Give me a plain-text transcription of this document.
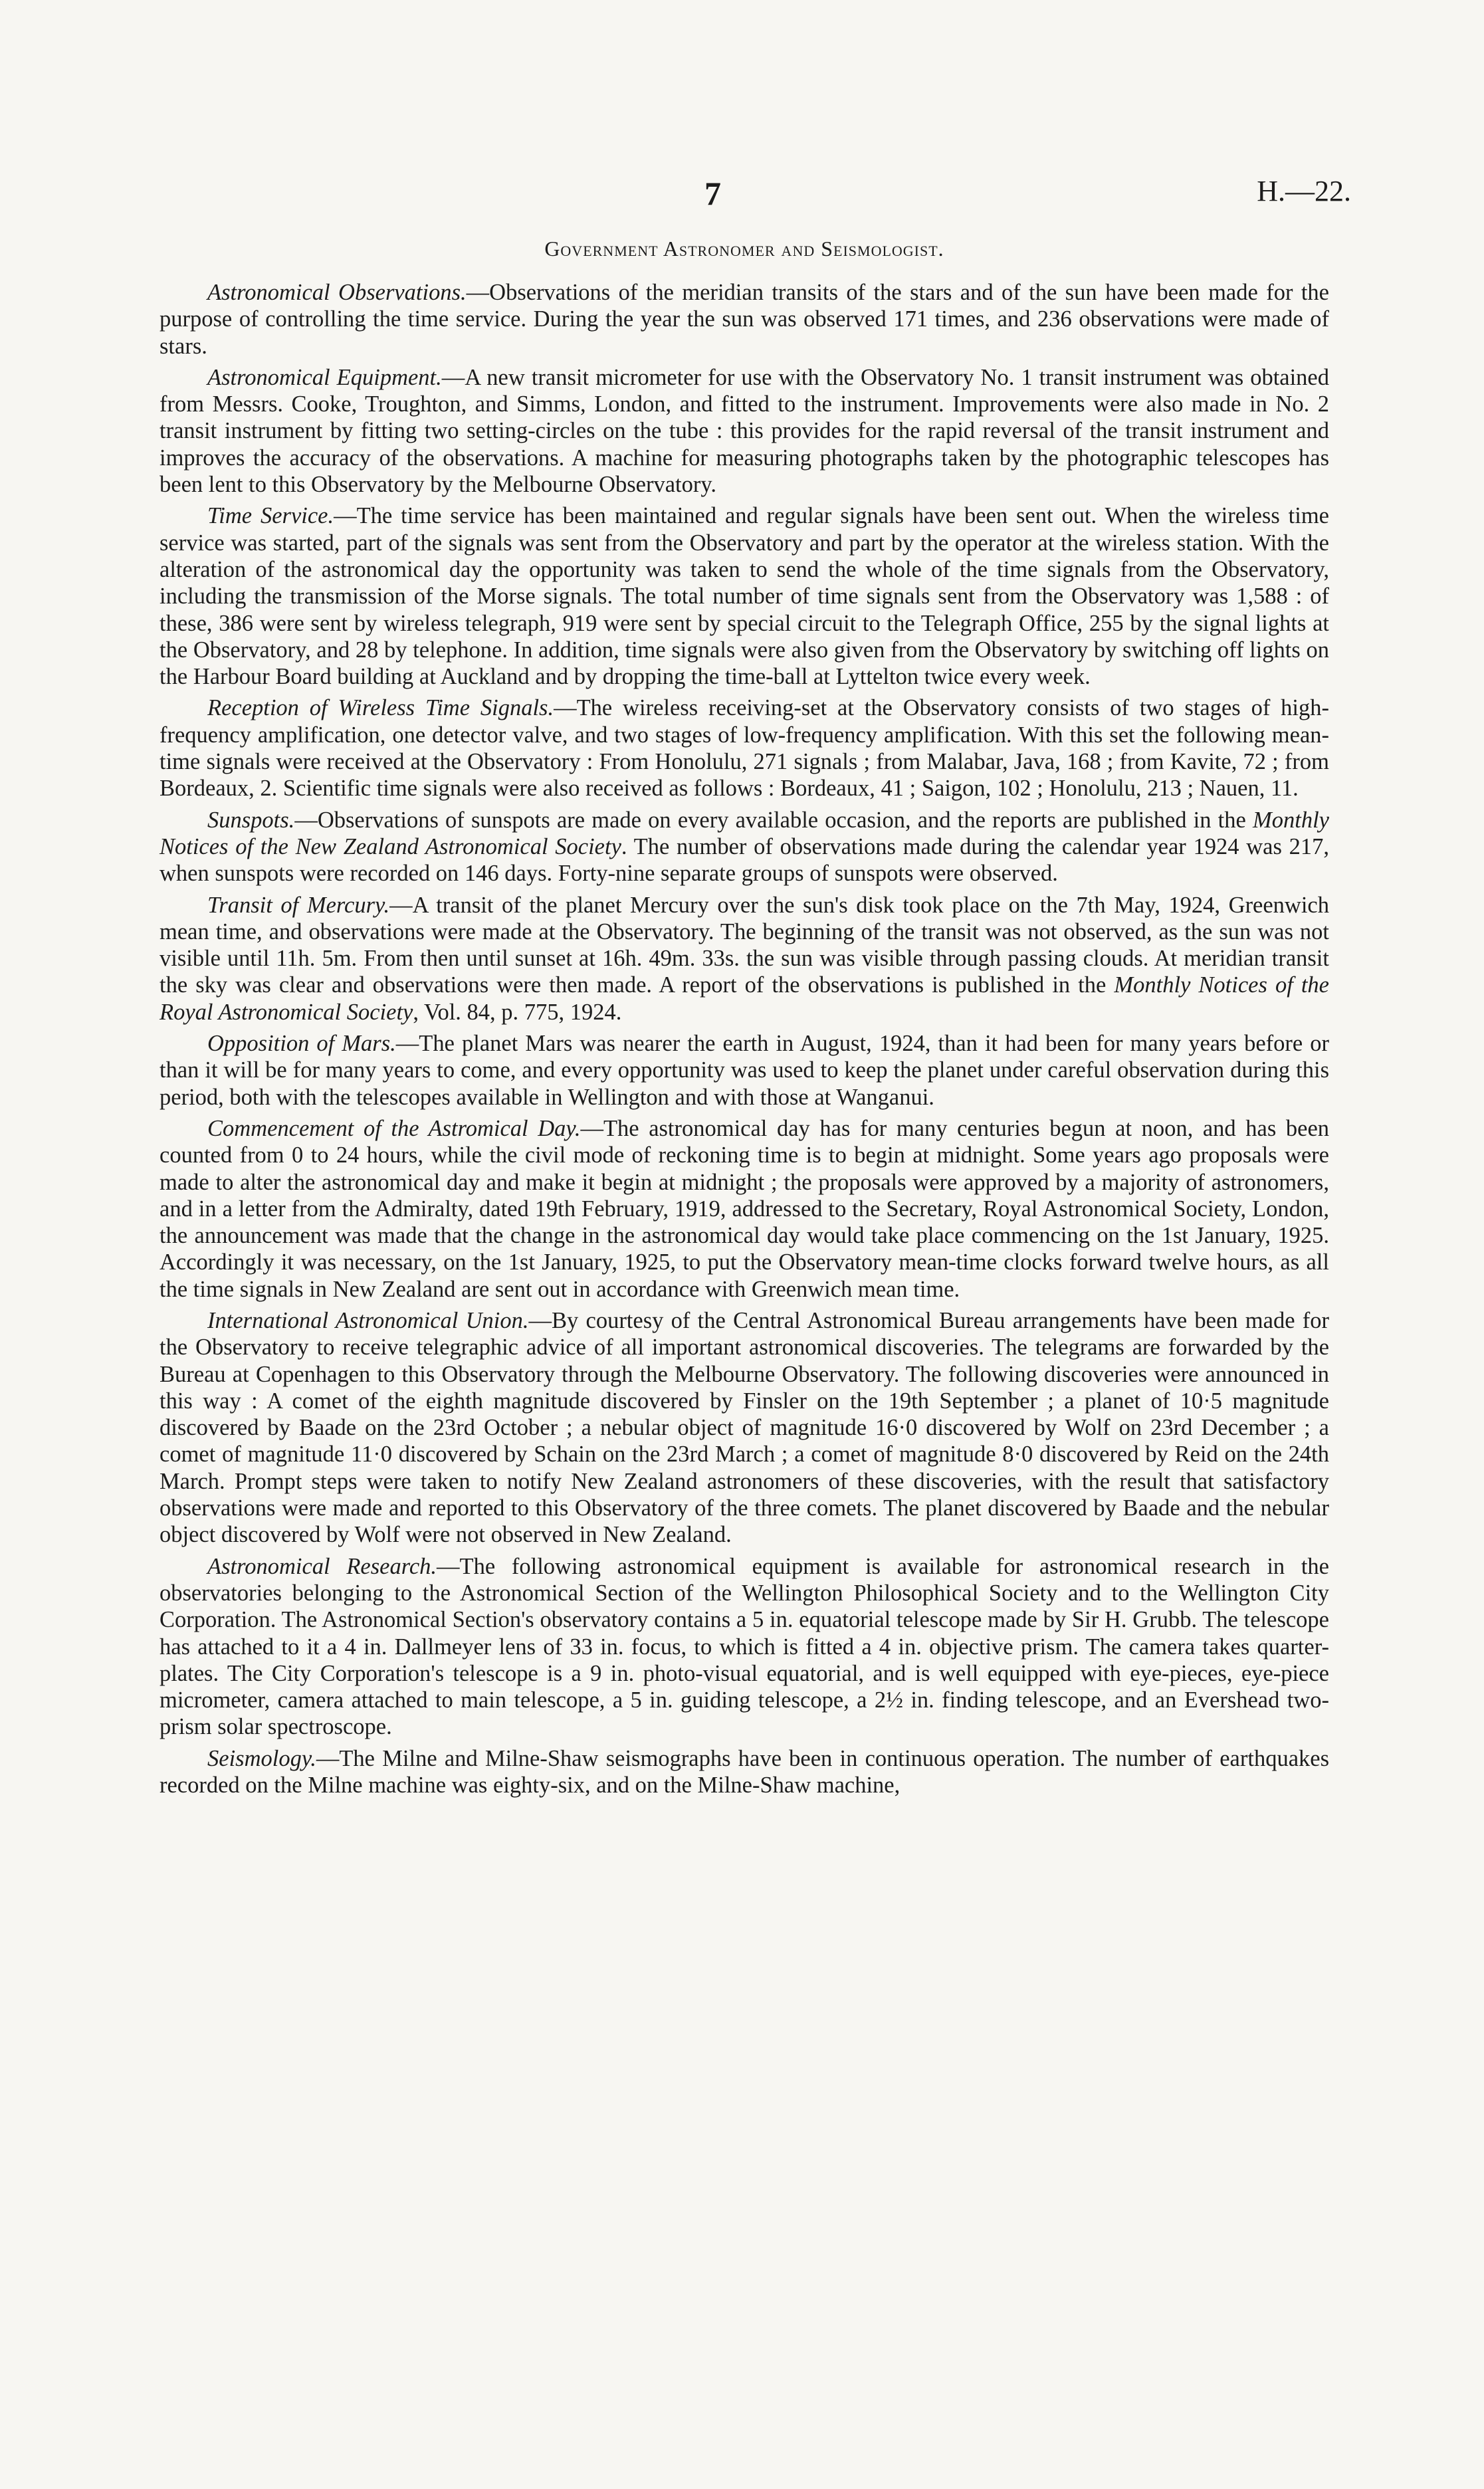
7	H.—22.
Government Astronomer and Seismologist.

Astronomical Observations.—Observations of the meridian transits of the stars and of the sun have been made for the purpose of controlling the time service. During the year the sun was observed 171 times, and 236 observations were made of stars.

Astronomical Equipment.—A new transit micrometer for use with the Observatory No. 1 transit instrument was obtained from Messrs. Cooke, Troughton, and Simms, London, and fitted to the instrument. Improvements were also made in No. 2 transit instrument by fitting two setting-circles on the tube : this provides for the rapid reversal of the transit instrument and improves the accuracy of the observations. A machine for measuring photographs taken by the photographic telescopes has been lent to this Observatory by the Melbourne Observatory.

Time Service.—The time service has been maintained and regular signals have been sent out. When the wireless time service was started, part of the signals was sent from the Observatory and part by the operator at the wireless station. With the alteration of the astronomical day the opportunity was taken to send the whole of the time signals from the Observatory, including the transmission of the Morse signals. The total number of time signals sent from the Observatory was 1,588 : of these, 386 were sent by wireless telegraph, 919 were sent by special circuit to the Telegraph Office, 255 by the signal lights at the Observatory, and 28 by telephone. In addition, time signals were also given from the Observatory by switching off lights on the Harbour Board building at Auckland and by dropping the time-ball at Lyttelton twice every week.

Reception of Wireless Time Signals.—The wireless receiving-set at the Observatory consists of two stages of high-frequency amplification, one detector valve, and two stages of low-frequency amplification. With this set the following mean-time signals were received at the Observatory : From Honolulu, 271 signals ; from Malabar, Java, 168 ; from Kavite, 72 ; from Bordeaux, 2. Scientific time signals were also received as follows : Bordeaux, 41 ; Saigon, 102 ; Honolulu, 213 ; Nauen, 11.

Sunspots.—Observations of sunspots are made on every available occasion, and the reports are published in the Monthly Notices of the New Zealand Astronomical Society. The number of observations made during the calendar year 1924 was 217, when sunspots were recorded on 146 days. Forty-nine separate groups of sunspots were observed.

Transit of Mercury.—A transit of the planet Mercury over the sun's disk took place on the 7th May, 1924, Greenwich mean time, and observations were made at the Observatory. The beginning of the transit was not observed, as the sun was not visible until 11h. 5m. From then until sunset at 16h. 49m. 33s. the sun was visible through passing clouds. At meridian transit the sky was clear and observations were then made. A report of the observations is published in the Monthly Notices of the Royal Astronomical Society, Vol. 84, p. 775, 1924.

Opposition of Mars.—The planet Mars was nearer the earth in August, 1924, than it had been for many years before or than it will be for many years to come, and every opportunity was used to keep the planet under careful observation during this period, both with the telescopes available in Wellington and with those at Wanganui.

Commencement of the Astromical Day.—The astronomical day has for many centuries begun at noon, and has been counted from 0 to 24 hours, while the civil mode of reckoning time is to begin at midnight. Some years ago proposals were made to alter the astronomical day and make it begin at midnight ; the proposals were approved by a majority of astronomers, and in a letter from the Admiralty, dated 19th February, 1919, addressed to the Secretary, Royal Astronomical Society, London, the announcement was made that the change in the astronomical day would take place commencing on the 1st January, 1925. Accordingly it was necessary, on the 1st January, 1925, to put the Observatory mean-time clocks forward twelve hours, as all the time signals in New Zealand are sent out in accordance with Greenwich mean time.

International Astronomical Union.—By courtesy of the Central Astronomical Bureau arrangements have been made for the Observatory to receive telegraphic advice of all important astronomical discoveries. The telegrams are forwarded by the Bureau at Copenhagen to this Observatory through the Melbourne Observatory. The following discoveries were announced in this way : A comet of the eighth magnitude discovered by Finsler on the 19th September ; a planet of 10·5 magnitude discovered by Baade on the 23rd October ; a nebular object of magnitude 16·0 discovered by Wolf on 23rd December ; a comet of magnitude 11·0 discovered by Schain on the 23rd March ; a comet of magnitude 8·0 discovered by Reid on the 24th March. Prompt steps were taken to notify New Zealand astronomers of these discoveries, with the result that satisfactory observations were made and reported to this Observatory of the three comets. The planet discovered by Baade and the nebular object discovered by Wolf were not observed in New Zealand.

Astronomical Research.—The following astronomical equipment is available for astronomical research in the observatories belonging to the Astronomical Section of the Wellington Philosophical Society and to the Wellington City Corporation. The Astronomical Section's observatory contains a 5 in. equatorial telescope made by Sir H. Grubb. The telescope has attached to it a 4 in. Dallmeyer lens of 33 in. focus, to which is fitted a 4 in. objective prism. The camera takes quarter-plates. The City Corporation's telescope is a 9 in. photo-visual equatorial, and is well equipped with eye-pieces, eye-piece micrometer, camera attached to main telescope, a 5 in. guiding telescope, a 2½ in. finding telescope, and an Evershead two-prism solar spectroscope.

Seismology.—The Milne and Milne-Shaw seismographs have been in continuous operation. The number of earthquakes recorded on the Milne machine was eighty-six, and on the Milne-Shaw machine,
